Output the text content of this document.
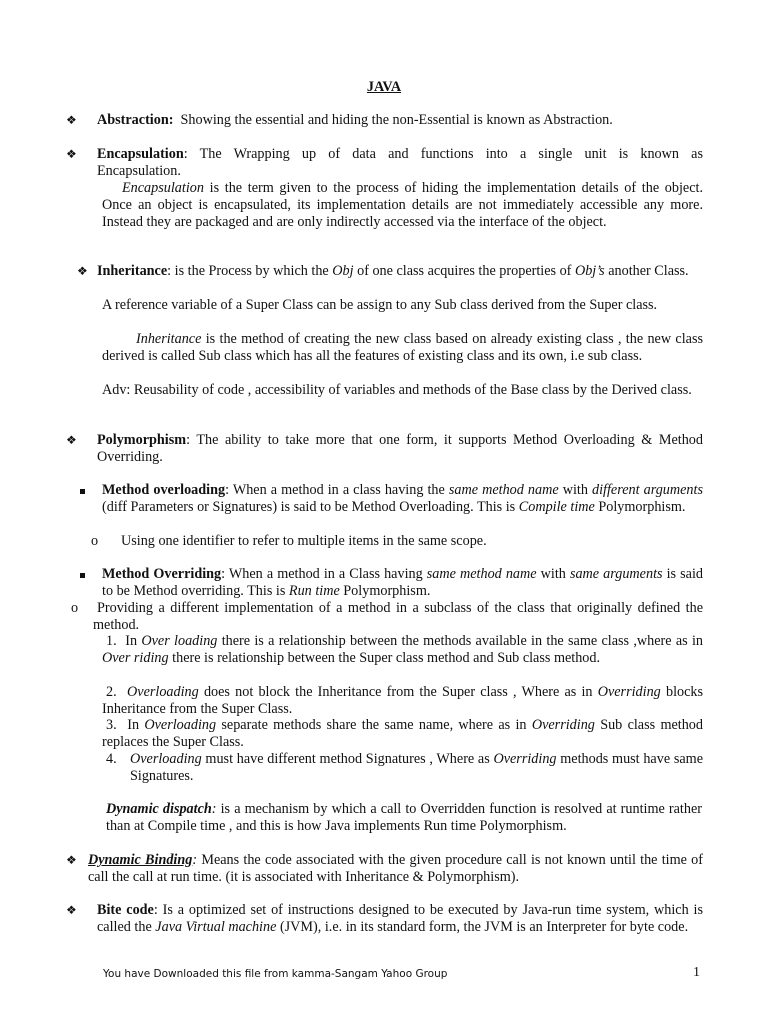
JAVA
❖ Abstraction: Showing the essential and hiding the non-Essential is known as Abstraction.
❖ Encapsulation: The Wrapping up of data and functions into a single unit is known as
Encapsulation.
Encapsulation is the term given to the process of hiding the implementation details of the object. Once an object is encapsulated, its implementation details are not immediately accessible any more. Instead they are packaged and are only indirectly accessed via the interface of the object.
❖ Inheritance: is the Process by which the Obj of one class acquires the properties of Obj’s another Class.
A reference variable of a Super Class can be assign to any Sub class derived from the Super class.
Inheritance is the method of creating the new class based on already existing class , the new class derived is called Sub class which has all the features of existing class and its own, i.e sub class.
Adv: Reusability of code , accessibility of variables and methods of the Base class by the Derived class.
❖ Polymorphism: The ability to take more that one form, it supports Method Overloading & Method Overriding.
Method overloading: When a method in a class having the same method name with different arguments (diff Parameters or Signatures) is said to be Method Overloading. This is Compile time Polymorphism.
o Using one identifier to refer to multiple items in the same scope.
Method Overriding: When a method in a Class having same method name with same arguments is said to be Method overriding. This is Run time Polymorphism.
o Providing a different implementation of a method in a subclass of the class that originally defined the method.
1. In Over loading there is a relationship between the methods available in the same class ,where as in Over riding there is relationship between the Super class method and Sub class method.
2. Overloading does not block the Inheritance from the Super class , Where as in Overriding blocks Inheritance from the Super Class.
3. In Overloading separate methods share the same name, where as in Overriding Sub class method replaces the Super Class.
4. Overloading must have different method Signatures , Where as Overriding methods must have same Signatures.
Dynamic dispatch: is a mechanism by which a call to Overridden function is resolved at runtime rather than at Compile time , and this is how Java implements Run time Polymorphism.
❖ Dynamic Binding: Means the code associated with the given procedure call is not known until the time of call the call at run time. (it is associated with Inheritance & Polymorphism).
❖ Bite code: Is a optimized set of instructions designed to be executed by Java-run time system, which is called the Java Virtual machine (JVM), i.e. in its standard form, the JVM is an Interpreter for byte code.
You have Downloaded this file from kamma-Sangam Yahoo Group	1
